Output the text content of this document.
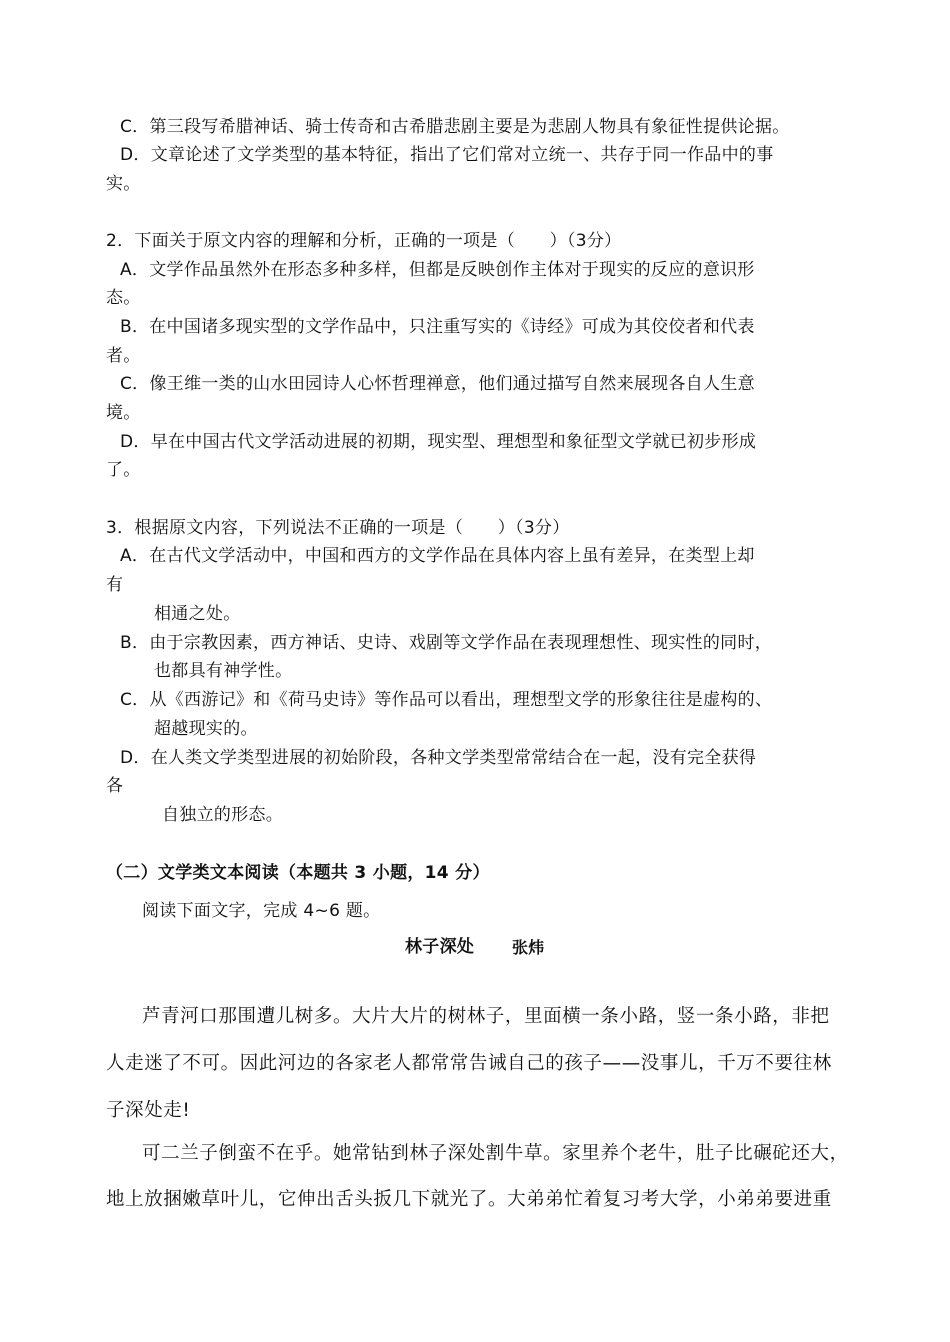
C．第三段写希腊神话、骑士传奇和古希腊悲剧主要是为悲剧人物具有象征性提供论据。
D．文章论述了文学类型的基本特征，指出了它们常对立统一、共存于同一作品中的事
实。
2．下面关于原文内容的理解和分析，正确的一项是（　　）（3分）
A．文学作品虽然外在形态多种多样，但都是反映创作主体对于现实的反应的意识形
态。
B．在中国诸多现实型的文学作品中，只注重写实的《诗经》可成为其佼佼者和代表
者。
C．像王维一类的山水田园诗人心怀哲理禅意，他们通过描写自然来展现各自人生意
境。
D．早在中国古代文学活动进展的初期，现实型、理想型和象征型文学就已初步形成
了。
3．根据原文内容，下列说法不正确的一项是（　　）（3分）
A．在古代文学活动中，中国和西方的文学作品在具体内容上虽有差异，在类型上却
有
相通之处。
B．由于宗教因素，西方神话、史诗、戏剧等文学作品在表现理想性、现实性的同时，
也都具有神学性。
C．从《西游记》和《荷马史诗》等作品可以看出，理想型文学的形象往往是虚构的、
超越现实的。
D．在人类文学类型进展的初始阶段，各种文学类型常常结合在一起，没有完全获得
各
自独立的形态。
（二）文学类文本阅读（本题共 3 小题，14 分）
阅读下面文字，完成 4~6 题。
林子深处 张炜
芦青河口那围遭儿树多。大片大片的树林子，里面横一条小路，竖一条小路，非把
人走迷了不可。因此河边的各家老人都常常告诫自己的孩子——没事儿，千万不要往林
子深处走!
可二兰子倒蛮不在乎。她常钻到林子深处割牛草。家里养个老牛，肚子比碾砣还大，
地上放捆嫩草叶儿，它伸出舌头扳几下就光了。大弟弟忙着复习考大学，小弟弟要进重
